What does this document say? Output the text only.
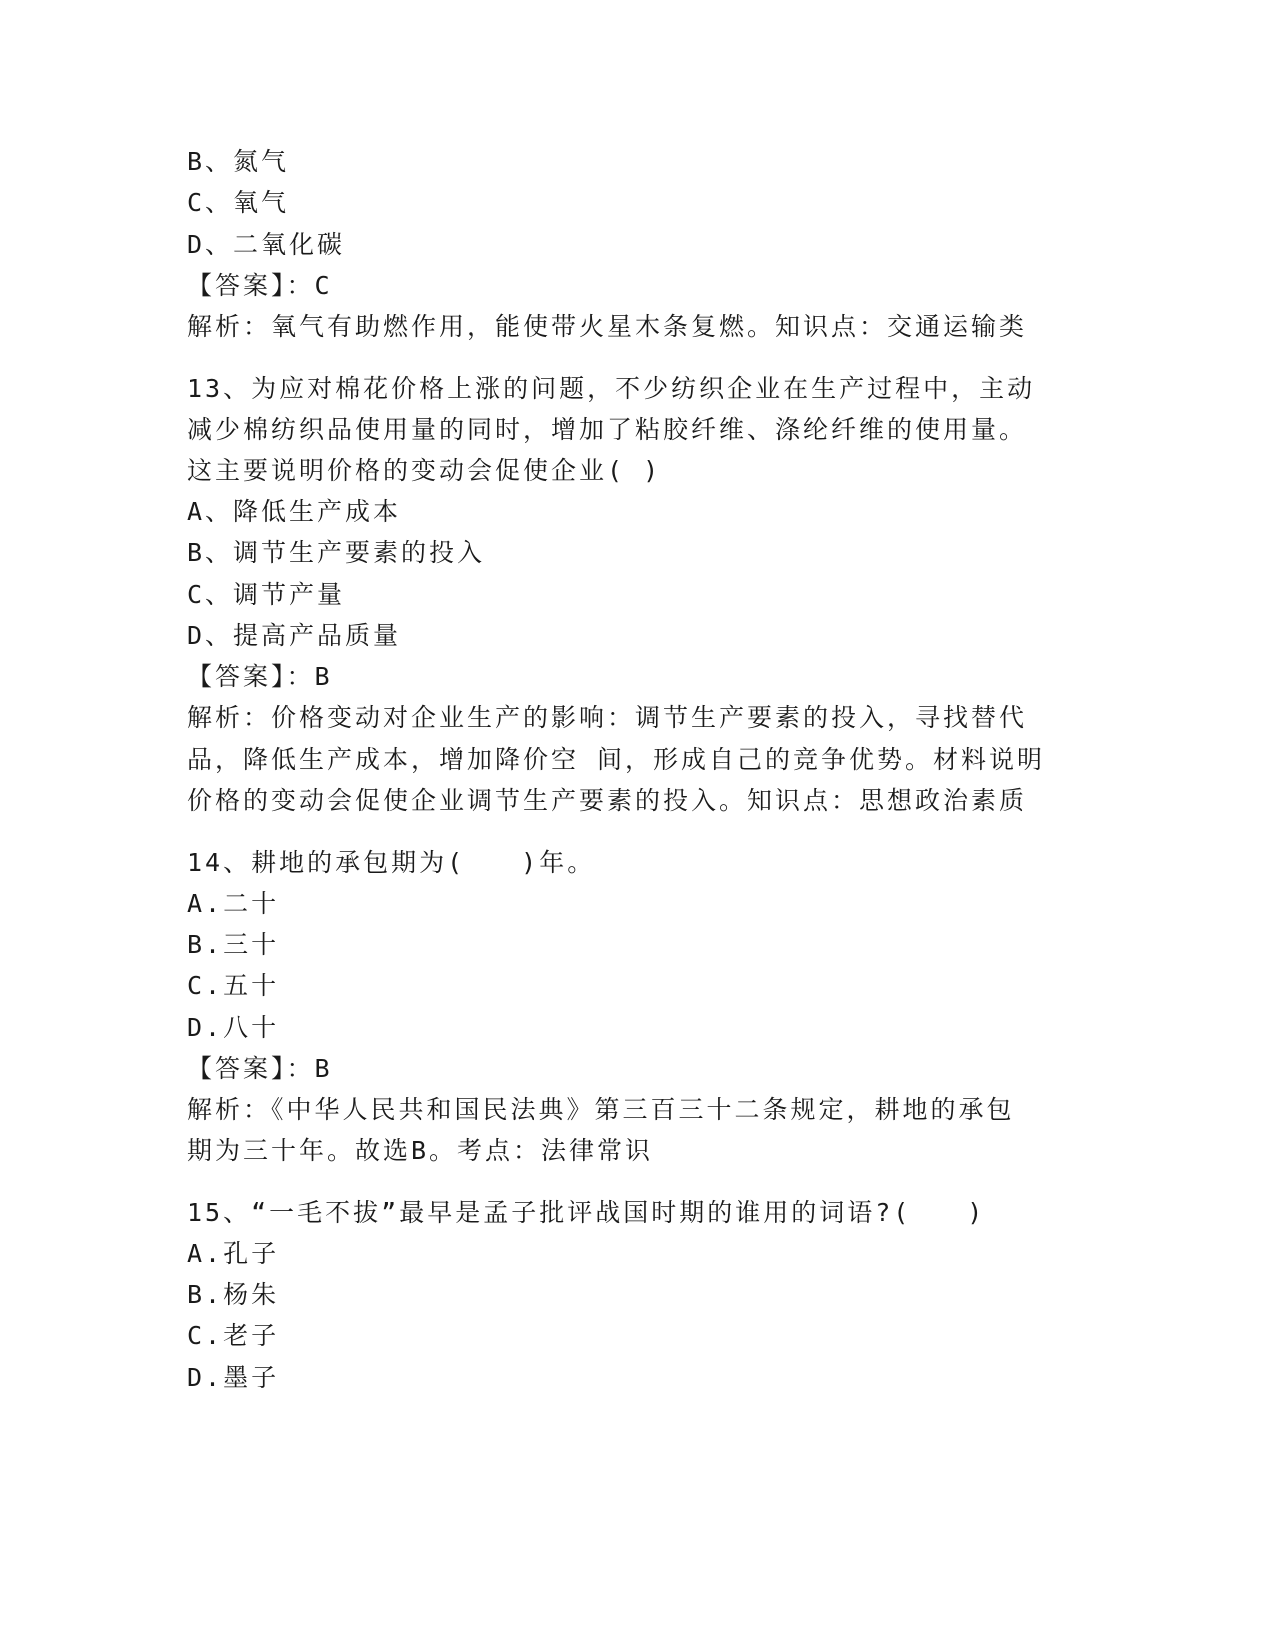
B、氮气
C、氧气
D、二氧化碳
【答案】：C
解析：氧气有助燃作用，能使带火星木条复燃。知识点：交通运输类
13、为应对棉花价格上涨的问题，不少纺织企业在生产过程中，主动
减少棉纺织品使用量的同时，增加了粘胶纤维、涤纶纤维的使用量。
这主要说明价格的变动会促使企业( )
A、降低生产成本
B、调节生产要素的投入
C、调节产量
D、提高产品质量
【答案】：B
解析：价格变动对企业生产的影响：调节生产要素的投入，寻找替代
品，降低生产成本，增加降价空 间，形成自己的竞争优势。材料说明
价格的变动会促使企业调节生产要素的投入。知识点：思想政治素质
14、耕地的承包期为(　　)年。
A.二十
B.三十
C.五十
D.八十
【答案】：B
解析：《中华人民共和国民法典》第三百三十二条规定，耕地的承包
期为三十年。故选B。考点：法律常识
15、“一毛不拔”最早是孟子批评战国时期的谁用的词语?(　　)
A.孔子
B.杨朱
C.老子
D.墨子
